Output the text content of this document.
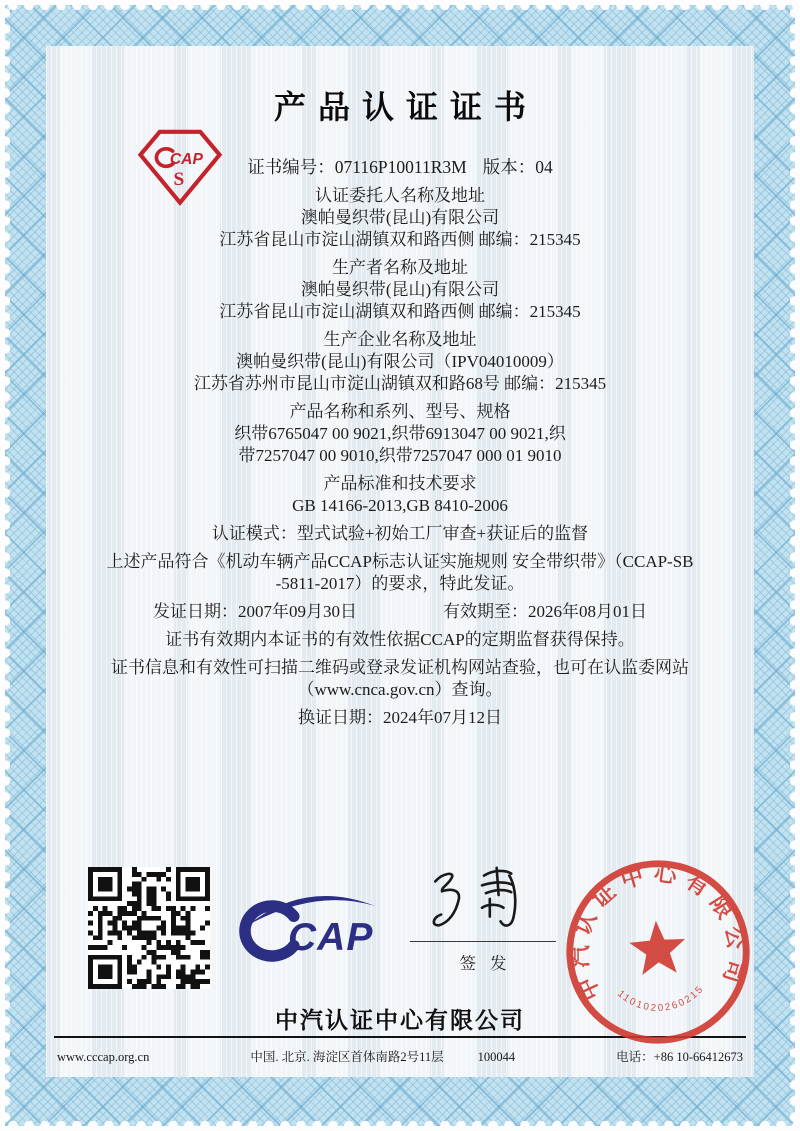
CAP
S
产品认证证书
证书编号：07116P10011R3M 版本：04
认证委托人名称及地址
澳帕曼织带(昆山)有限公司
江苏省昆山市淀山湖镇双和路西侧 邮编：215345
生产者名称及地址
澳帕曼织带(昆山)有限公司
江苏省昆山市淀山湖镇双和路西侧 邮编：215345
生产企业名称及地址
澳帕曼织带(昆山)有限公司（IPV04010009）
江苏省苏州市昆山市淀山湖镇双和路68号 邮编：215345
产品名称和系列、型号、规格
织带6765047 00 9021,织带6913047 00 9021,织
带7257047 00 9010,织带7257047 000 01 9010
产品标准和技术要求
GB 14166-2013,GB 8410-2006
认证模式：型式试验+初始工厂审查+获证后的监督
上述产品符合《机动车辆产品CCAP标志认证实施规则 安全带织带》（CCAP-SB
-5811-2017）的要求，特此发证。
发证日期：2007年09月30日	有效期至：2026年08月01日
证书有效期内本证书的有效性依据CCAP的定期监督获得保持。
证书信息和有效性可扫描二维码或登录发证机构网站查验，也可在认监委网站
（www.cnca.gov.cn）查询。
换证日期：2024年07月12日
CAP
签发
中汽认证中心有限公司
www.cccap.org.cn	中国. 北京. 海淀区首体南路2号11层	100044	电话：+86 10-66412673
中汽认证中心有限公司
1101020260215
